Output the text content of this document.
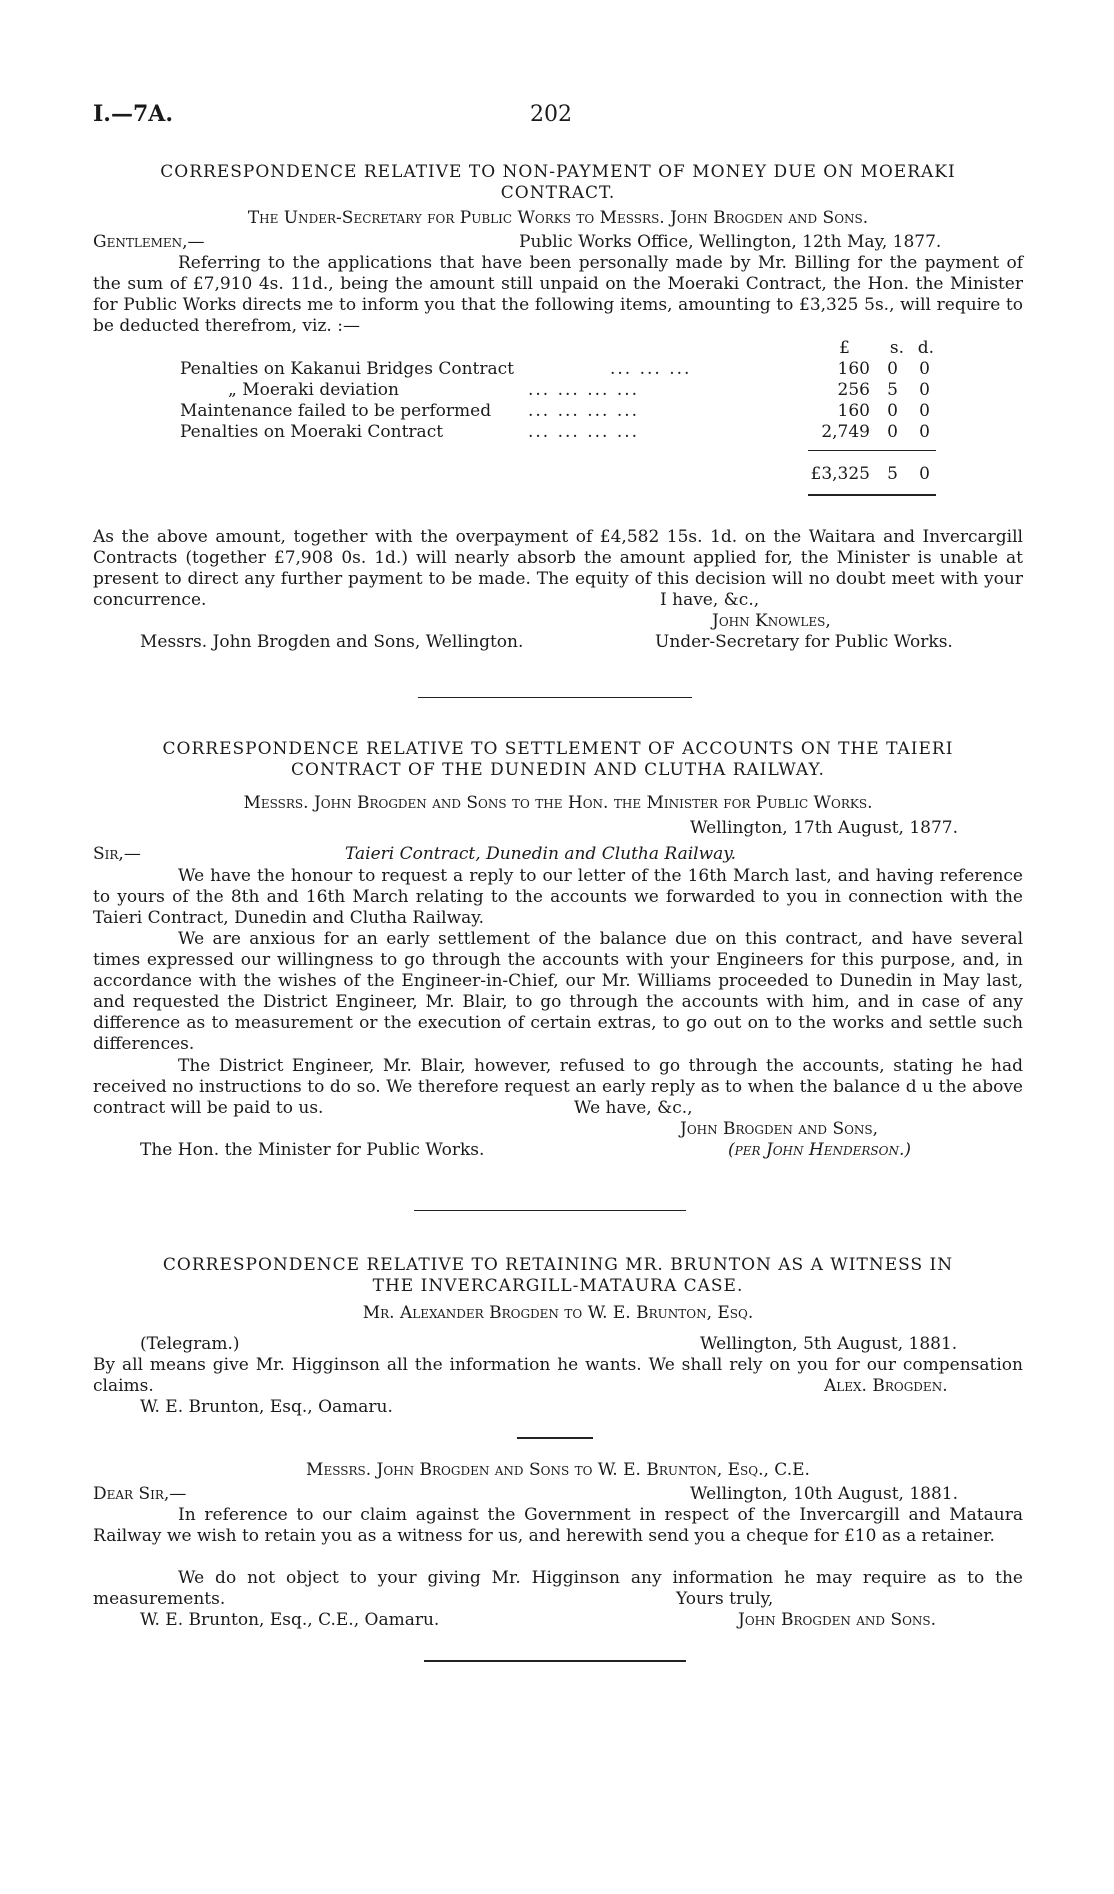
I.—7A.	202
CORRESPONDENCE RELATIVE TO NON-PAYMENT OF MONEY DUE ON MOERAKI
CONTRACT.
The Under-Secretary for Public Works to Messrs. John Brogden and Sons.
Gentlemen,—	Public Works Office, Wellington, 12th May, 1877.
Referring to the applications that have been personally made by Mr. Billing for the payment of the sum of £7,910 4s. 11d., being the amount still unpaid on the Moeraki Contract, the Hon. the Minister for Public Works directs me to inform you that the following items, amounting to £3,325 5s., will require to be deducted therefrom, viz. :—
£	s. d.
Penalties on Kakanui Bridges Contract	... ... ...	160 0 0
„ Moeraki deviation	... ... ... ...	256 5 0
Maintenance failed to be performed ... ... ... ...	160 0 0
Penalties on Moeraki Contract	... ... ... ...	2,749 0 0
£3,325 5 0
As the above amount, together with the overpayment of £4,582 15s. 1d. on the Waitara and Invercargill Contracts (together £7,908 0s. 1d.) will nearly absorb the amount applied for, the Minister is unable at present to direct any further payment to be made. The equity of this decision will no doubt meet with your concurrence.	I have, &c.,
John Knowles,
Messrs. John Brogden and Sons, Wellington.	Under-Secretary for Public Works.
CORRESPONDENCE RELATIVE TO SETTLEMENT OF ACCOUNTS ON THE TAIERI
CONTRACT OF THE DUNEDIN AND CLUTHA RAILWAY.
Messrs. John Brogden and Sons to the Hon. the Minister for Public Works.
Wellington, 17th August, 1877.
Sir,—	Taieri Contract, Dunedin and Clutha Railway.
We have the honour to request a reply to our letter of the 16th March last, and having reference to yours of the 8th and 16th March relating to the accounts we forwarded to you in connection with the Taieri Contract, Dunedin and Clutha Railway.
We are anxious for an early settlement of the balance due on this contract, and have several times expressed our willingness to go through the accounts with your Engineers for this purpose, and, in accordance with the wishes of the Engineer-in-Chief, our Mr. Williams proceeded to Dunedin in May last, and requested the District Engineer, Mr. Blair, to go through the accounts with him, and in case of any difference as to measurement or the execution of certain extras, to go out on to the works and settle such differences.
The District Engineer, Mr. Blair, however, refused to go through the accounts, stating he had received no instructions to do so. We therefore request an early reply as to when the balance d u the above contract will be paid to us.	We have, &c.,
John Brogden and Sons,
The Hon. the Minister for Public Works.	(per John Henderson.)
CORRESPONDENCE RELATIVE TO RETAINING MR. BRUNTON AS A WITNESS IN
THE INVERCARGILL-MATAURA CASE.
Mr. Alexander Brogden to W. E. Brunton, Esq.
(Telegram.)	Wellington, 5th August, 1881.
By all means give Mr. Higginson all the information he wants. We shall rely on you for our compensation claims.	Alex. Brogden.
W. E. Brunton, Esq., Oamaru.
Messrs. John Brogden and Sons to W. E. Brunton, Esq., C.E.
Dear Sir,—	Wellington, 10th August, 1881.
In reference to our claim against the Government in respect of the Invercargill and Mataura Railway we wish to retain you as a witness for us, and herewith send you a cheque for £10 as a retainer.
We do not object to your giving Mr. Higginson any information he may require as to the measurements.	Yours truly,
W. E. Brunton, Esq., C.E., Oamaru.	John Brogden and Sons.
